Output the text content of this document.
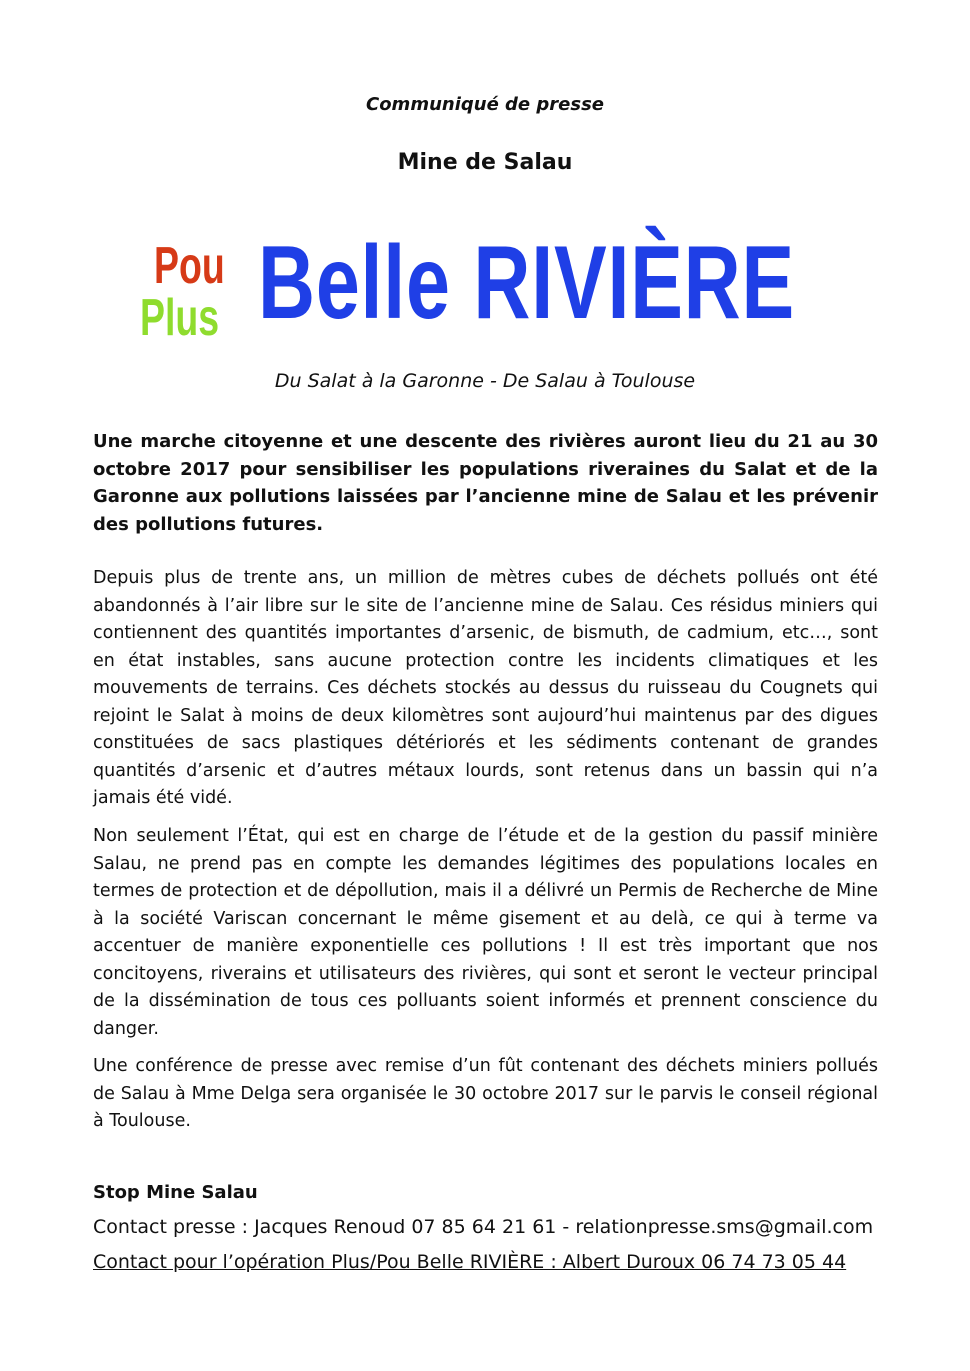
Communiqué de presse
Mine de Salau
Pou
Plus Belle RIVIÈRE
Du Salat à la Garonne - De Salau à Toulouse

Une marche citoyenne et une descente des rivières auront lieu du 21 au 30 octobre 2017 pour sensibiliser les populations riveraines du Salat et de la Garonne aux pollutions laissées par l’ancienne mine de Salau et les prévenir des pollutions futures.

Depuis plus de trente ans, un million de mètres cubes de déchets pollués ont été abandonnés à l’air libre sur le site de l’ancienne mine de Salau. Ces résidus miniers qui contiennent des quantités importantes d’arsenic, de bismuth, de cadmium, etc…, sont en état instables, sans aucune protection contre les incidents climatiques et les mouvements de terrains. Ces déchets stockés au dessus du ruisseau du Cougnets qui rejoint le Salat à moins de deux kilomètres sont aujourd’hui maintenus par des digues constituées de sacs plastiques détériorés et les sédiments contenant de grandes quantités d’arsenic et d’autres métaux lourds, sont retenus dans un bassin qui n’a jamais été vidé.

Non seulement l’État, qui est en charge de l’étude et de la gestion du passif minière Salau, ne prend pas en compte les demandes légitimes des populations locales en termes de protection et de dépollution, mais il a délivré un Permis de Recherche de Mine à la société Variscan concernant le même gisement et au delà, ce qui à terme va accentuer de manière exponentielle ces pollutions ! Il est très important que nos concitoyens, riverains et utilisateurs des rivières, qui sont et seront le vecteur principal de la dissémination de tous ces polluants soient informés et prennent conscience du danger.

Une conférence de presse avec remise d’un fût contenant des déchets miniers pollués de Salau à Mme Delga sera organisée le 30 octobre 2017 sur le parvis le conseil régional à Toulouse.

Stop Mine Salau
Contact presse : Jacques Renoud 07 85 64 21 61 - relationpresse.sms@gmail.com
Contact pour l’opération Plus/Pou Belle RIVIÈRE : Albert Duroux 06 74 73 05 44
